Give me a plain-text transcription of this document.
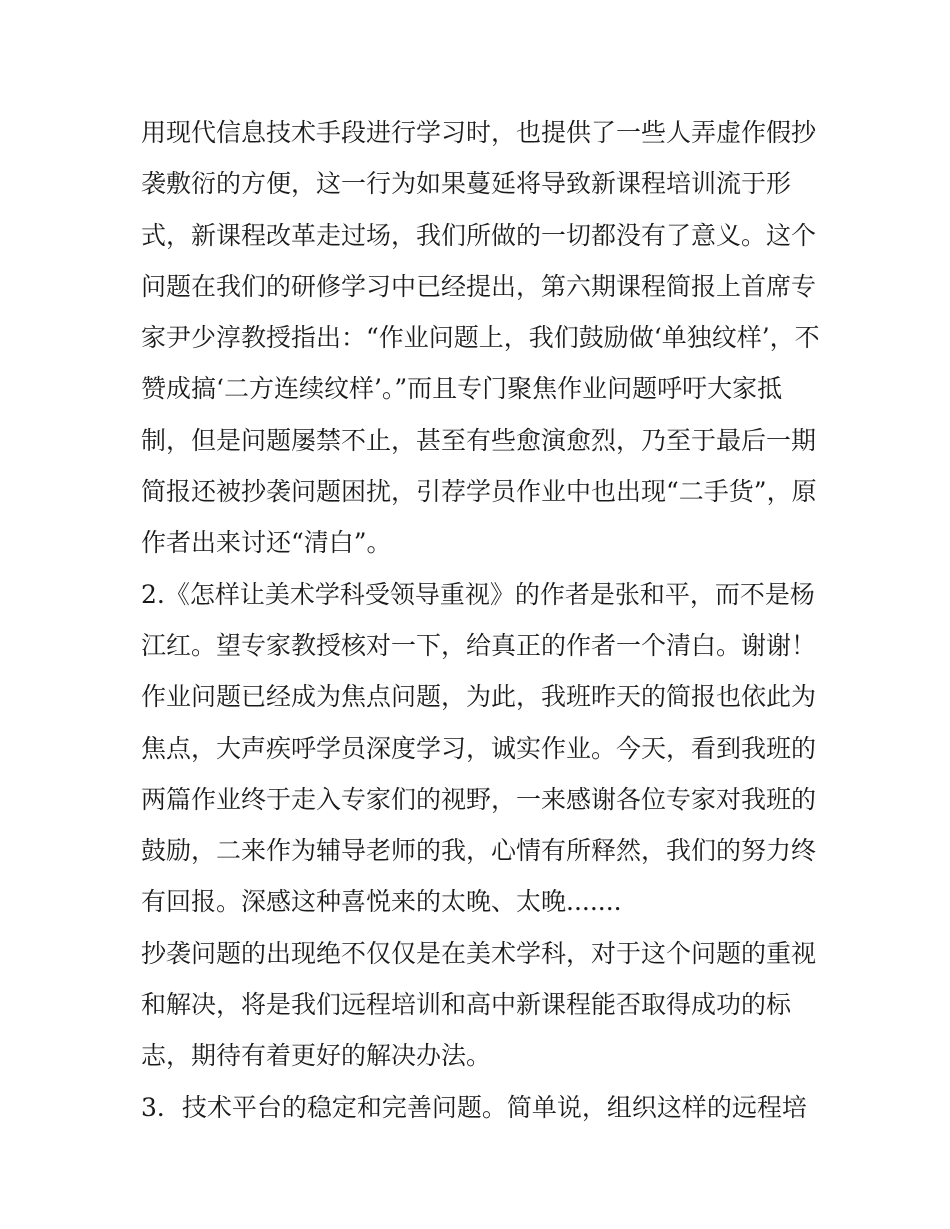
用现代信息技术手段进行学习时，也提供了一些人弄虚作假抄
袭敷衍的方便，这一行为如果蔓延将导致新课程培训流于形
式，新课程改革走过场，我们所做的一切都没有了意义。这个
问题在我们的研修学习中已经提出，第六期课程简报上首席专
家尹少淳教授指出：“作业问题上，我们鼓励做‘单独纹样’，不
赞成搞‘二方连续纹样’。”而且专门聚焦作业问题呼吁大家抵
制，但是问题屡禁不止，甚至有些愈演愈烈，乃至于最后一期
简报还被抄袭问题困扰，引荐学员作业中也出现“二手货”，原
作者出来讨还“清白”。
2.《怎样让美术学科受领导重视》的作者是张和平，而不是杨
江红。望专家教授核对一下，给真正的作者一个清白。谢谢！
作业问题已经成为焦点问题，为此，我班昨天的简报也依此为
焦点，大声疾呼学员深度学习，诚实作业。今天，看到我班的
两篇作业终于走入专家们的视野，一来感谢各位专家对我班的
鼓励，二来作为辅导老师的我，心情有所释然，我们的努力终
有回报。深感这种喜悦来的太晚、太晚.......
抄袭问题的出现绝不仅仅是在美术学科，对于这个问题的重视
和解决，将是我们远程培训和高中新课程能否取得成功的标
志，期待有着更好的解决办法。
3．技术平台的稳定和完善问题。简单说，组织这样的远程培
